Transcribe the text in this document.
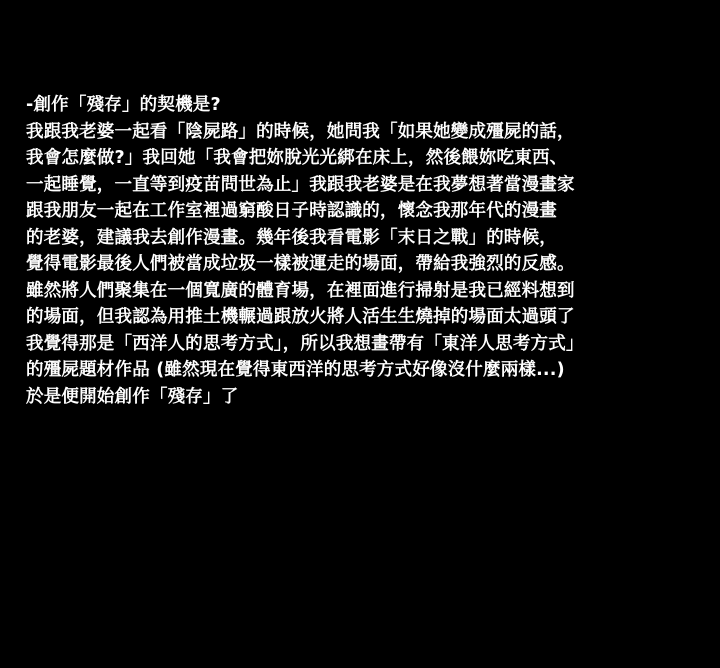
-創作「殘存」的契機是?
我跟我老婆一起看「陰屍路」的時候，她問我「如果她變成殭屍的話，
我會怎麼做?」我回她「我會把妳脫光光綁在床上，然後餵妳吃東西、
一起睡覺，一直等到疫苗問世為止」我跟我老婆是在我夢想著當漫畫家
跟我朋友一起在工作室裡過窮酸日子時認識的，懷念我那年代的漫畫
的老婆，建議我去創作漫畫。幾年後我看電影「末日之戰」的時候，
覺得電影最後人們被當成垃圾一樣被運走的場面，帶給我強烈的反感。
雖然將人們聚集在一個寬廣的體育場，在裡面進行掃射是我已經料想到
的場面，但我認為用推土機輾過跟放火將人活生生燒掉的場面太過頭了
我覺得那是「西洋人的思考方式」，所以我想畫帶有「東洋人思考方式」
的殭屍題材作品 (雖然現在覺得東西洋的思考方式好像沒什麼兩樣...)
於是便開始創作「殘存」了
